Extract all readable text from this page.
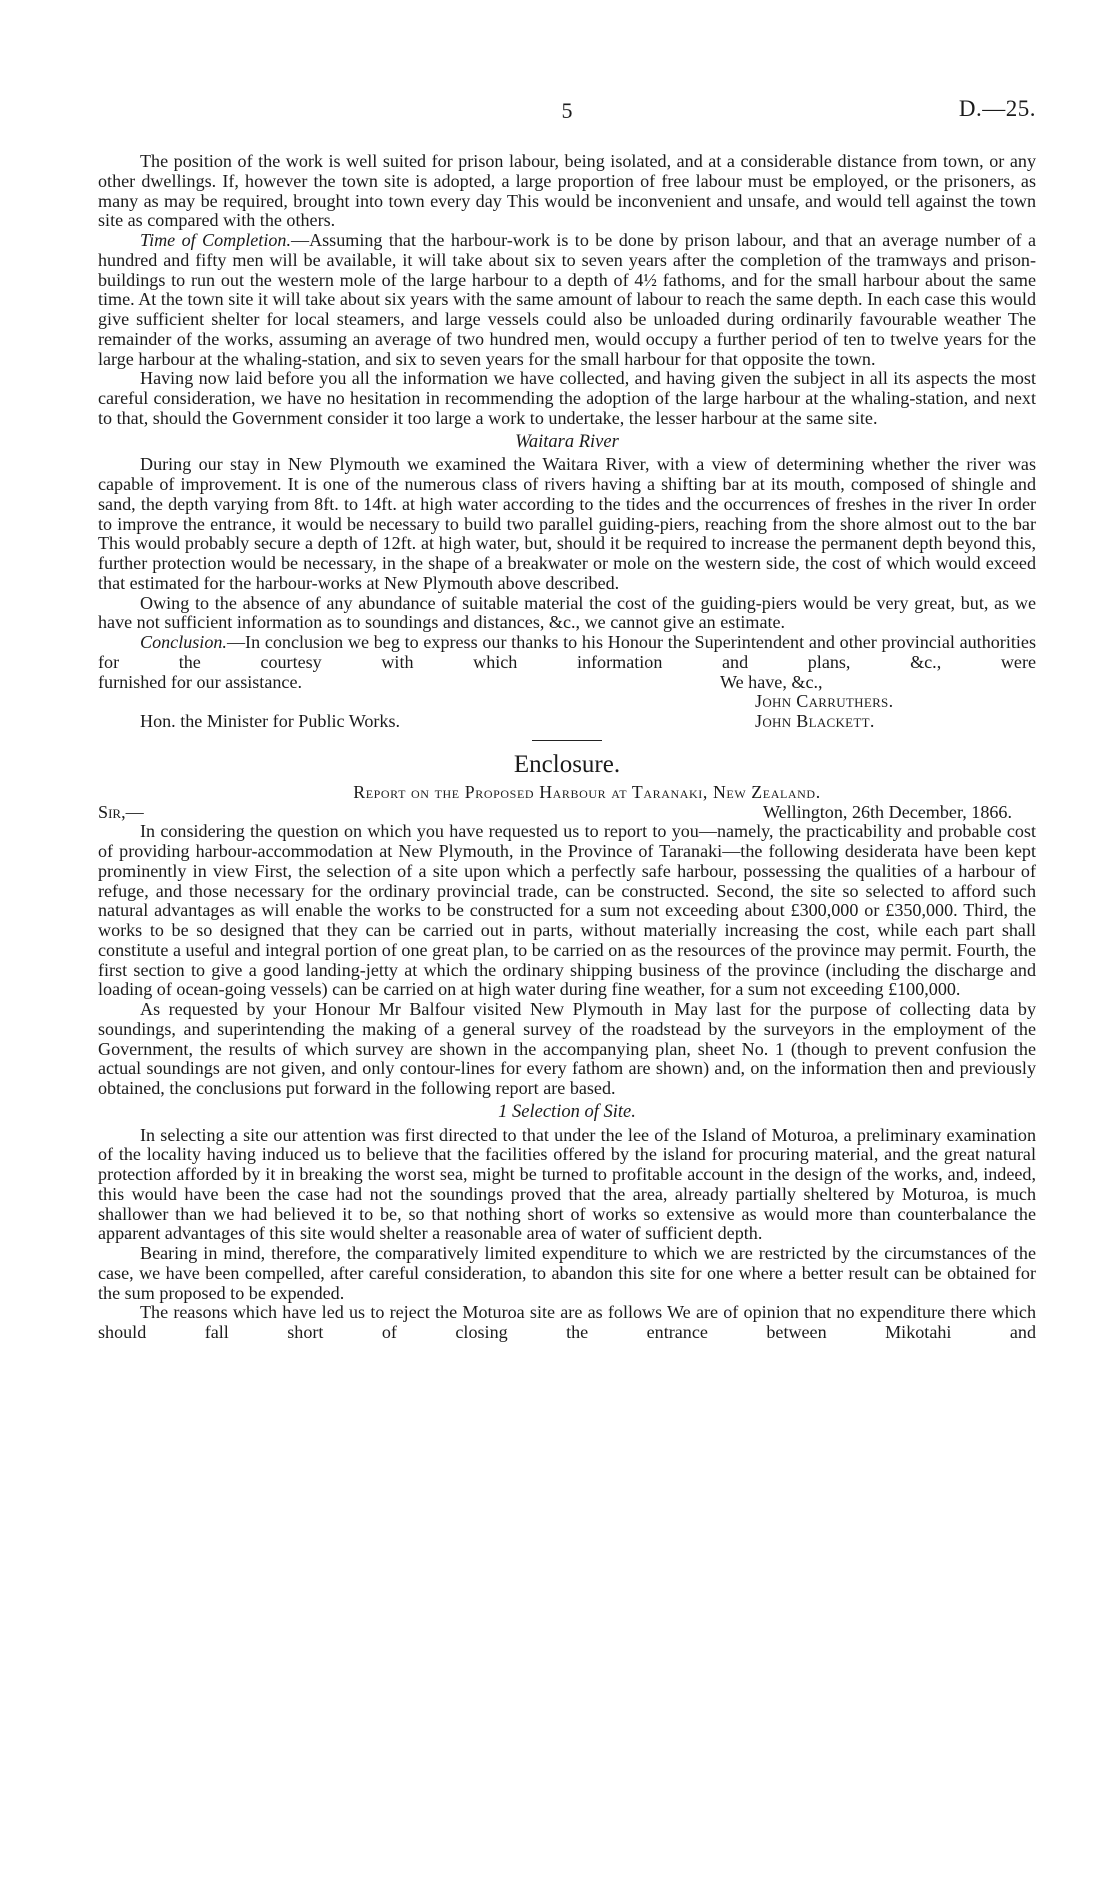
5	D.—25.

The position of the work is well suited for prison labour, being isolated, and at a considerable distance from town, or any other dwellings. If, however the town site is adopted, a large proportion of free labour must be employed, or the prisoners, as many as may be required, brought into town every day This would be inconvenient and unsafe, and would tell against the town site as compared with the others.

Time of Completion.—Assuming that the harbour-work is to be done by prison labour, and that an average number of a hundred and fifty men will be available, it will take about six to seven years after the completion of the tramways and prison-buildings to run out the western mole of the large harbour to a depth of 4½ fathoms, and for the small harbour about the same time. At the town site it will take about six years with the same amount of labour to reach the same depth. In each case this would give sufficient shelter for local steamers, and large vessels could also be unloaded during ordinarily favourable weather The remainder of the works, assuming an average of two hundred men, would occupy a further period of ten to twelve years for the large harbour at the whaling-station, and six to seven years for the small harbour for that opposite the town.

Having now laid before you all the information we have collected, and having given the subject in all its aspects the most careful consideration, we have no hesitation in recommending the adoption of the large harbour at the whaling-station, and next to that, should the Government consider it too large a work to undertake, the lesser harbour at the same site.

Waitara River

During our stay in New Plymouth we examined the Waitara River, with a view of determining whether the river was capable of improvement. It is one of the numerous class of rivers having a shifting bar at its mouth, composed of shingle and sand, the depth varying from 8ft. to 14ft. at high water according to the tides and the occurrences of freshes in the river In order to improve the entrance, it would be necessary to build two parallel guiding-piers, reaching from the shore almost out to the bar This would probably secure a depth of 12ft. at high water, but, should it be required to increase the permanent depth beyond this, further protection would be necessary, in the shape of a breakwater or mole on the western side, the cost of which would exceed that estimated for the harbour-works at New Plymouth above described.

Owing to the absence of any abundance of suitable material the cost of the guiding-piers would be very great, but, as we have not sufficient information as to soundings and distances, &c., we cannot give an estimate.

Conclusion.—In conclusion we beg to express our thanks to his Honour the Superintendent and other provincial authorities for the courtesy with which information and plans, &c., were

furnished for our assistance.	We have, &c.,
John Carruthers.
Hon. the Minister for Public Works.	John Blackett.
Enclosure.
Report on the Proposed Harbour at Taranaki, New Zealand.
Sir,—	Wellington, 26th December, 1866.

In considering the question on which you have requested us to report to you—namely, the practicability and probable cost of providing harbour-accommodation at New Plymouth, in the Province of Taranaki—the following desiderata have been kept prominently in view First, the selection of a site upon which a perfectly safe harbour, possessing the qualities of a harbour of refuge, and those necessary for the ordinary provincial trade, can be constructed. Second, the site so selected to afford such natural advantages as will enable the works to be constructed for a sum not exceeding about £300,000 or £350,000. Third, the works to be so designed that they can be carried out in parts, without materially increasing the cost, while each part shall constitute a useful and integral portion of one great plan, to be carried on as the resources of the province may permit. Fourth, the first section to give a good landing-jetty at which the ordinary shipping business of the province (including the discharge and loading of ocean-going vessels) can be carried on at high water during fine weather, for a sum not exceeding £100,000.

As requested by your Honour Mr Balfour visited New Plymouth in May last for the purpose of collecting data by soundings, and superintending the making of a general survey of the roadstead by the surveyors in the employment of the Government, the results of which survey are shown in the accompanying plan, sheet No. 1 (though to prevent confusion the actual soundings are not given, and only contour-lines for every fathom are shown) and, on the information then and previously obtained, the conclusions put forward in the following report are based.

1 Selection of Site.

In selecting a site our attention was first directed to that under the lee of the Island of Moturoa, a preliminary examination of the locality having induced us to believe that the facilities offered by the island for procuring material, and the great natural protection afforded by it in breaking the worst sea, might be turned to profitable account in the design of the works, and, indeed, this would have been the case had not the soundings proved that the area, already partially sheltered by Moturoa, is much shallower than we had believed it to be, so that nothing short of works so extensive as would more than counterbalance the apparent advantages of this site would shelter a reasonable area of water of sufficient depth.

Bearing in mind, therefore, the comparatively limited expenditure to which we are restricted by the circumstances of the case, we have been compelled, after careful consideration, to abandon this site for one where a better result can be obtained for the sum proposed to be expended.

The reasons which have led us to reject the Moturoa site are as follows We are of opinion that no expenditure there which should fall short of closing the entrance between Mikotahi and
